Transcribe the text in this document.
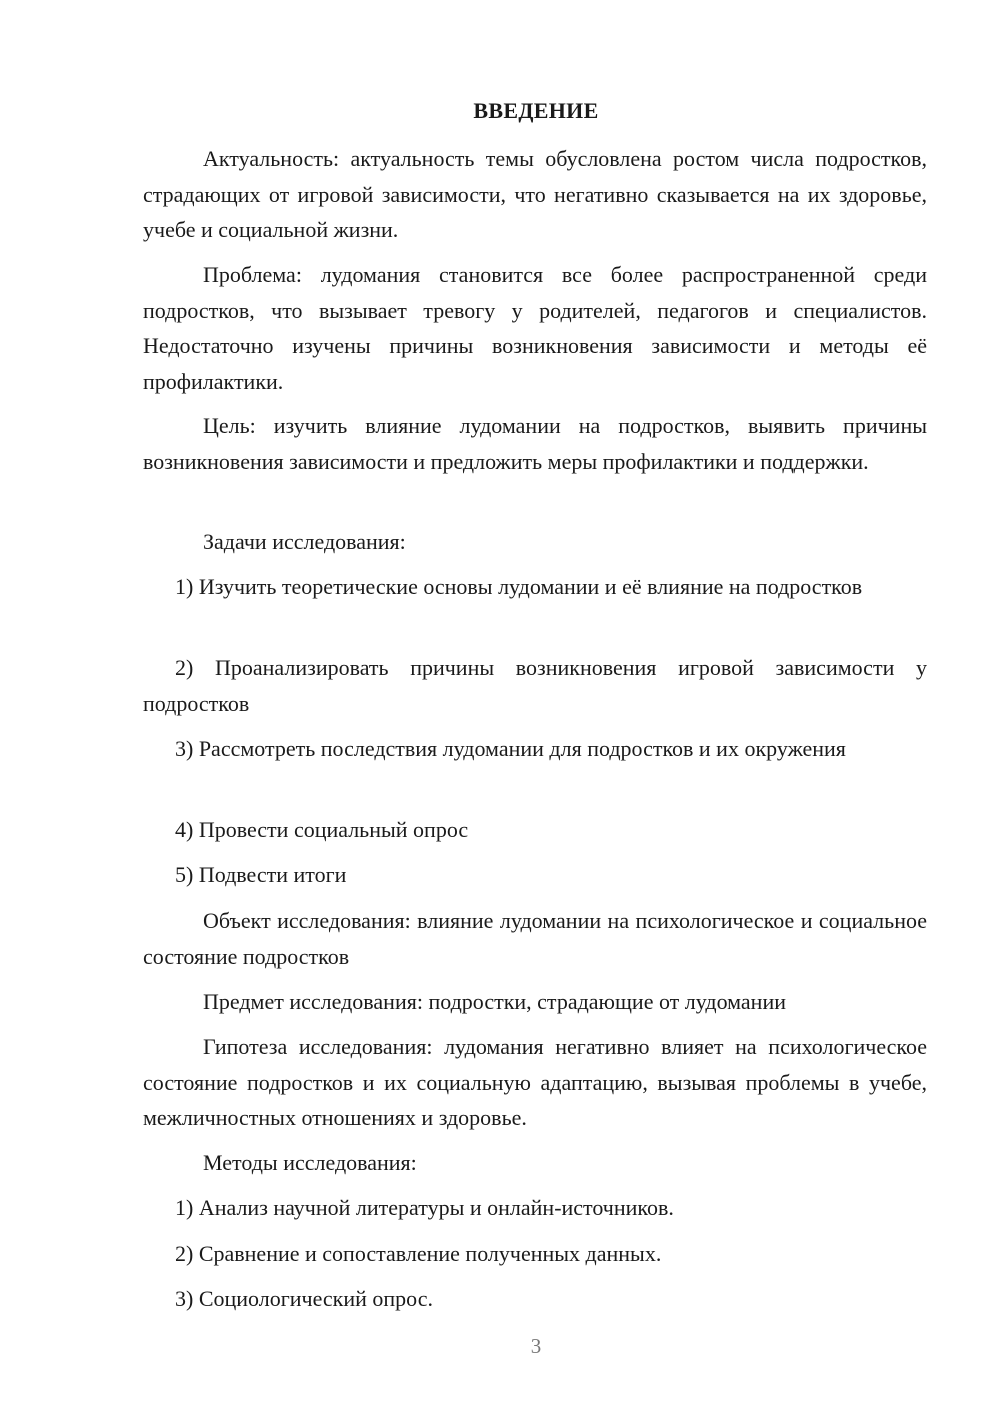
ВВЕДЕНИЕ

Актуальность: актуальность темы обусловлена ростом числа подростков, страдающих от игровой зависимости, что негативно сказывается на их здоровье, учебе и социальной жизни.

Проблема: лудомания становится все более распространенной среди подростков, что вызывает тревогу у родителей, педагогов и специалистов. Недостаточно изучены причины возникновения зависимости и методы её профилактики.

Цель: изучить влияние лудомании на подростков, выявить причины возникновения зависимости и предложить меры профилактики и поддержки.

Задачи исследования:

1) Изучить теоретические основы лудомании и её влияние на подростков

2) Проанализировать причины возникновения игровой зависимости у подростков

3) Рассмотреть последствия лудомании для подростков и их окружения

4) Провести социальный опрос

5) Подвести итоги

Объект исследования: влияние лудомании на психологическое и социальное состояние подростков

Предмет исследования: подростки, страдающие от лудомании

Гипотеза исследования: лудомания негативно влияет на психологическое состояние подростков и их социальную адаптацию, вызывая проблемы в учебе, межличностных отношениях и здоровье.

Методы исследования:

1) Анализ научной литературы и онлайн-источников.

2) Сравнение и сопоставление полученных данных.

3) Социологический опрос.

3
